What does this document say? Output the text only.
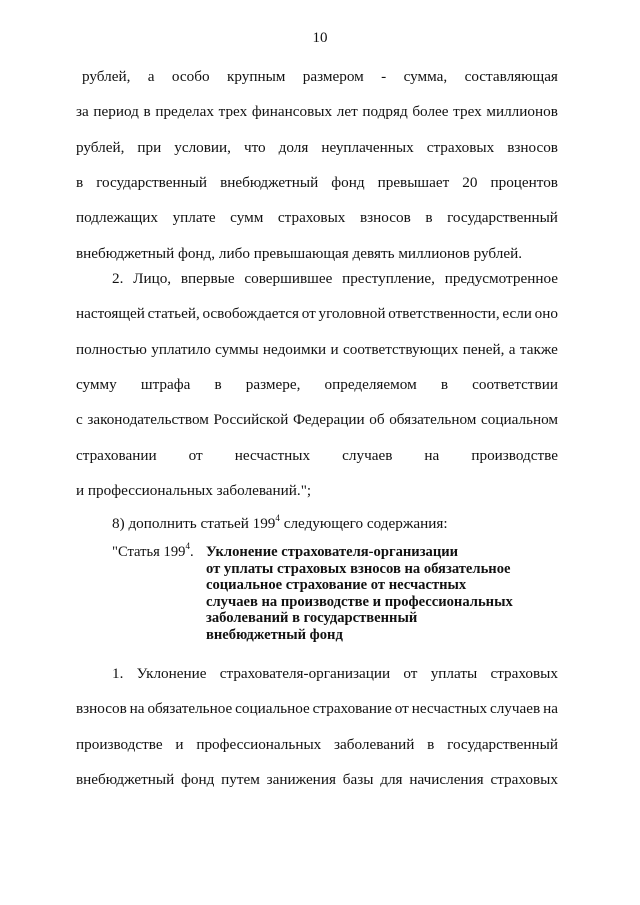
10
рублей, а особо крупным размером - сумма, составляющая
за период в пределах трех финансовых лет подряд более трех миллионов
рублей, при условии, что доля неуплаченных страховых взносов
в государственный внебюджетный фонд превышает 20 процентов
подлежащих уплате сумм страховых взносов в государственный
внебюджетный фонд, либо превышающая девять миллионов рублей.
2. Лицо, впервые совершившее преступление, предусмотренное
настоящей статьей, освобождается от уголовной ответственности, если оно
полностью уплатило суммы недоимки и соответствующих пеней, а также
сумму штрафа в размере, определяемом в соответствии
с законодательством Российской Федерации об обязательном социальном
страховании от несчастных случаев на производстве
и профессиональных заболеваний.";
8) дополнить статьей $199^4$ следующего содержания:
"Статья $199^4$. Уклонение страхователя-организации
от уплаты страховых взносов на обязательное
социальное страхование от несчастных
случаев на производстве и профессиональных
заболеваний в государственный
внебюджетный фонд
1. Уклонение страхователя-организации от уплаты страховых
взносов на обязательное социальное страхование от несчастных случаев на
производстве и профессиональных заболеваний в государственный
внебюджетный фонд путем занижения базы для начисления страховых
